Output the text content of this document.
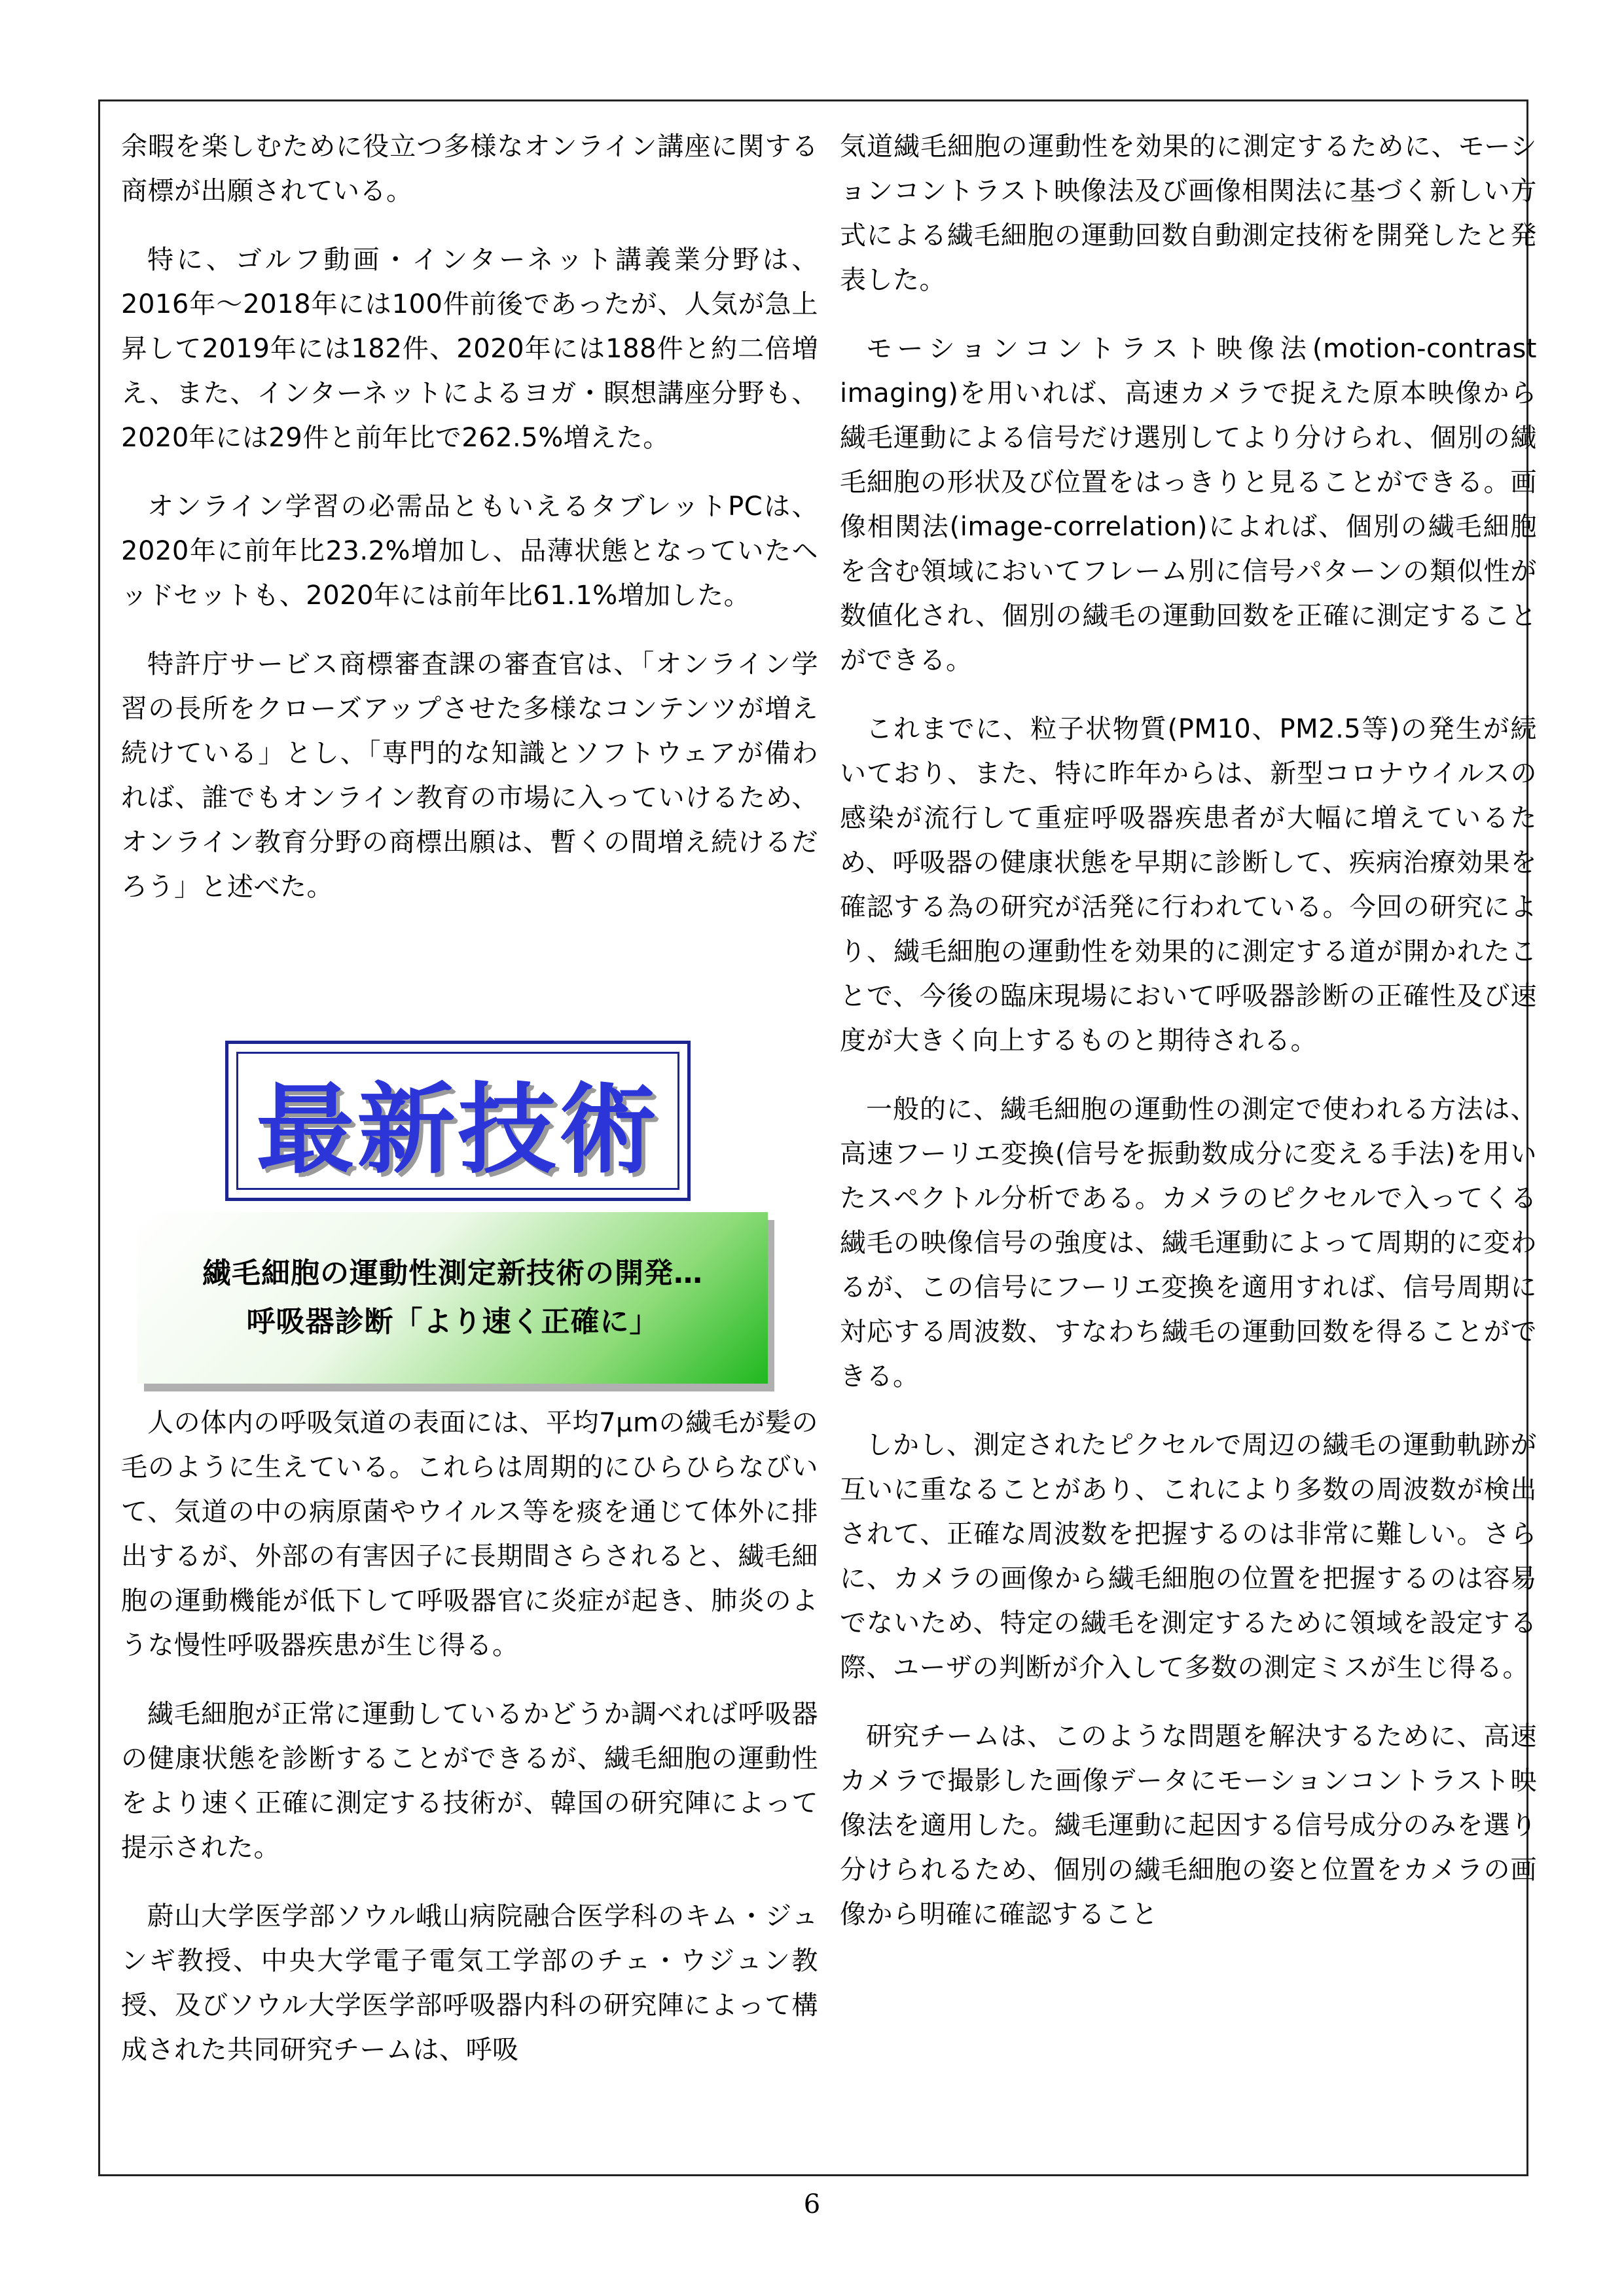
余暇を楽しむために役立つ多様なオンライン講座に関する商標が出願されている。

特に、ゴルフ動画・インターネット講義業分野は、2016年～2018年には100件前後であったが、人気が急上昇して2019年には182件、2020年には188件と約二倍増え、また、インターネットによるヨガ・瞑想講座分野も、2020年には29件と前年比で262.5%増えた。

オンライン学習の必需品ともいえるタブレットPCは、2020年に前年比23.2%増加し、品薄状態となっていたヘッドセットも、2020年には前年比61.1%増加した。

特許庁サービス商標審査課の審査官は、「オンライン学習の長所をクローズアップさせた多様なコンテンツが増え続けている」とし、「専門的な知識とソフトウェアが備われば、誰でもオンライン教育の市場に入っていけるため、オンライン教育分野の商標出願は、暫くの間増え続けるだろう」と述べた。

最新技術
繊毛細胞の運動性測定新技術の開発…
呼吸器診断「より速く正確に」

人の体内の呼吸気道の表面には、平均7μmの繊毛が髪の毛のように生えている。これらは周期的にひらひらなびいて、気道の中の病原菌やウイルス等を痰を通じて体外に排出するが、外部の有害因子に長期間さらされると、繊毛細胞の運動機能が低下して呼吸器官に炎症が起き、肺炎のような慢性呼吸器疾患が生じ得る。

繊毛細胞が正常に運動しているかどうか調べれば呼吸器の健康状態を診断することができるが、繊毛細胞の運動性をより速く正確に測定する技術が、韓国の研究陣によって提示された。

蔚山大学医学部ソウル峨山病院融合医学科のキム・ジュンギ教授、中央大学電子電気工学部のチェ・ウジュン教授、及びソウル大学医学部呼吸器内科の研究陣によって構成された共同研究チームは、呼吸

気道繊毛細胞の運動性を効果的に測定するために、モーションコントラスト映像法及び画像相関法に基づく新しい方式による繊毛細胞の運動回数自動測定技術を開発したと発表した。

モーションコントラスト映像法(motion-contrast imaging)を用いれば、高速カメラで捉えた原本映像から繊毛運動による信号だけ選別してより分けられ、個別の繊毛細胞の形状及び位置をはっきりと見ることができる。画像相関法(image-correlation)によれば、個別の繊毛細胞を含む領域においてフレーム別に信号パターンの類似性が数値化され、個別の繊毛の運動回数を正確に測定することができる。

これまでに、粒子状物質(PM10、PM2.5等)の発生が続いており、また、特に昨年からは、新型コロナウイルスの感染が流行して重症呼吸器疾患者が大幅に増えているため、呼吸器の健康状態を早期に診断して、疾病治療効果を確認する為の研究が活発に行われている。今回の研究により、繊毛細胞の運動性を効果的に測定する道が開かれたことで、今後の臨床現場において呼吸器診断の正確性及び速度が大きく向上するものと期待される。

一般的に、繊毛細胞の運動性の測定で使われる方法は、高速フーリエ変換(信号を振動数成分に変える手法)を用いたスペクトル分析である。カメラのピクセルで入ってくる繊毛の映像信号の強度は、繊毛運動によって周期的に変わるが、この信号にフーリエ変換を適用すれば、信号周期に対応する周波数、すなわち繊毛の運動回数を得ることができる。

しかし、測定されたピクセルで周辺の繊毛の運動軌跡が互いに重なることがあり、これにより多数の周波数が検出されて、正確な周波数を把握するのは非常に難しい。さらに、カメラの画像から繊毛細胞の位置を把握するのは容易でないため、特定の繊毛を測定するために領域を設定する際、ユーザの判断が介入して多数の測定ミスが生じ得る。

研究チームは、このような問題を解決するために、高速カメラで撮影した画像データにモーションコントラスト映像法を適用した。繊毛運動に起因する信号成分のみを選り分けられるため、個別の繊毛細胞の姿と位置をカメラの画像から明確に確認すること

6
